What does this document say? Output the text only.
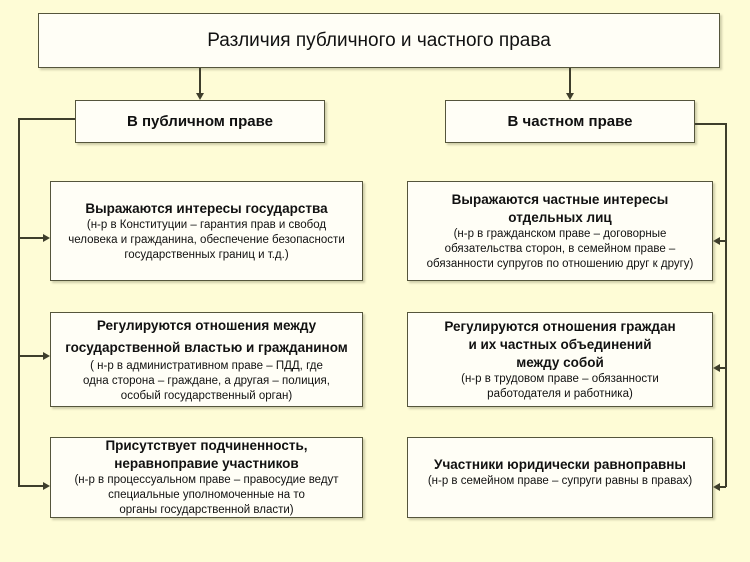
Различия публичного и частного права
В публичном праве	В частном праве
Выражаются интересы государства
(н-р в Конституции – гарантия прав и свобод
человека и гражданина, обеспечение безопасности
государственных границ и т.д.)
Регулируются отношения между
государственной властью и гражданином
( н-р в административном праве – ПДД, где
одна сторона – граждане, а другая – полиция,
особый государственный орган)
Присутствует подчиненность,
неравноправие участников
(н-р в процессуальном праве – правосудие ведут
специальные уполномоченные на то
органы государственной власти)
Выражаются частные интересы
отдельных лиц
(н-р в гражданском праве – договорные
обязательства сторон, в семейном праве –
обязанности супругов по отношению друг к другу)
Регулируются отношения граждан
и их частных объединений
между собой
(н-р в трудовом праве – обязанности
работодателя и работника)
Участники юридически равноправны
(н-р в семейном праве – супруги равны в правах)
